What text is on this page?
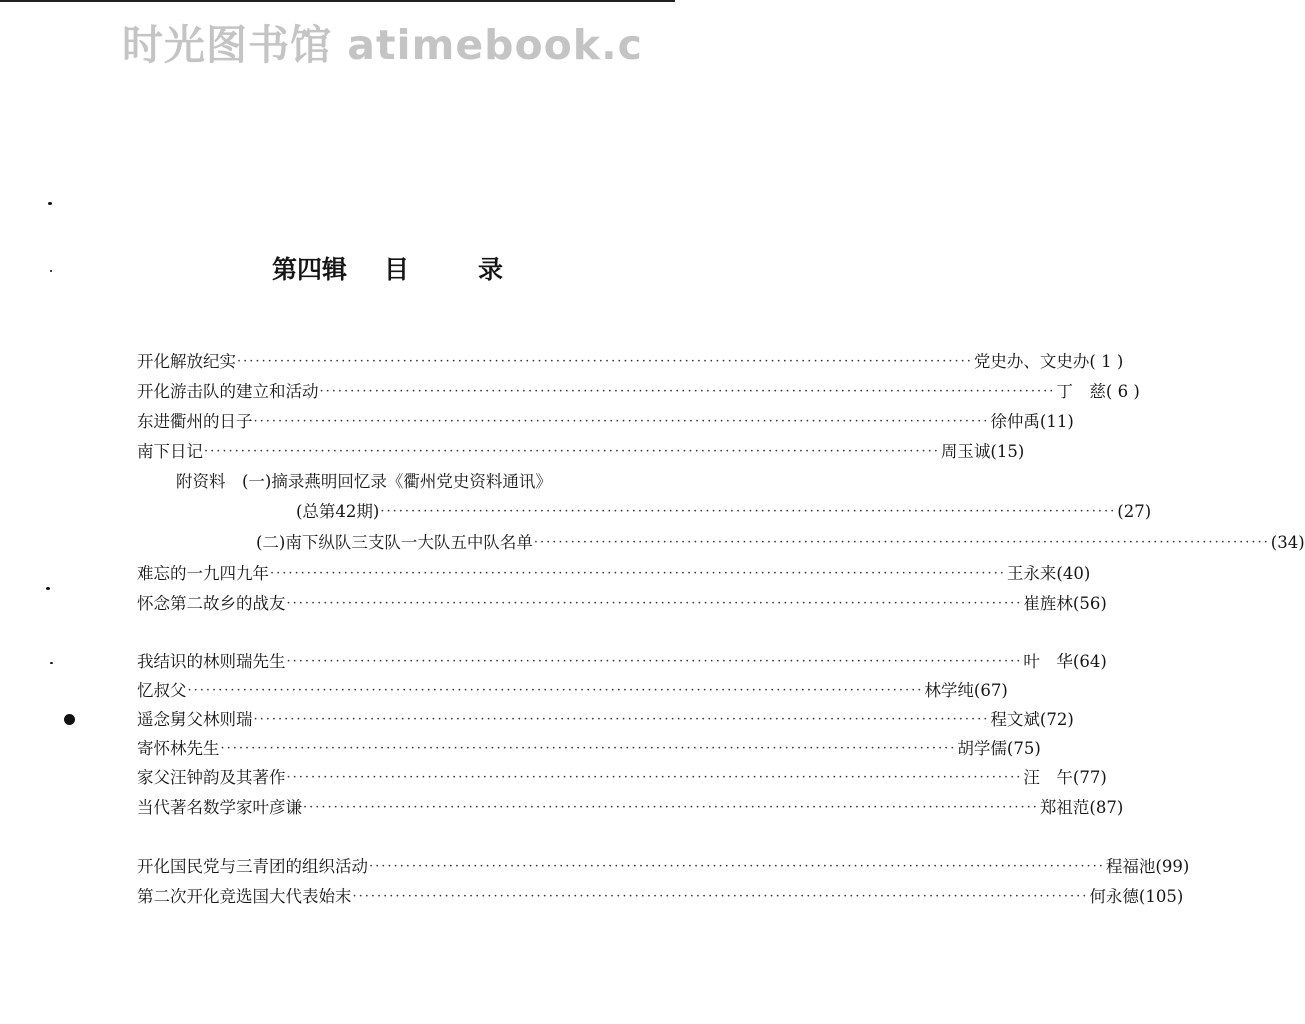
时光图书馆 atimebook.c
第四辑 目	录
开化解放纪实 ························································································································ 党史办、文史办 ( 1 )
开化游击队的建立和活动 ························································································································ 丁　慈 ( 6 )
东进衢州的日子 ························································································································ 徐仲禹 (11)
南下日记 ························································································································ 周玉诚 (15)
附资料　(一)摘录燕明回忆录《衢州党史资料通讯》
(总第42期) ························································································································ (27)
(二)南下纵队三支队一大队五中队名单 ························································································································ (34)
难忘的一九四九年 ························································································································ 王永来 (40)
怀念第二故乡的战友 ························································································································ 崔旌林 (56)
我结识的林则瑞先生 ························································································································ 叶　华 (64)
忆叔父 ························································································································ 林学纯 (67)
遥念舅父林则瑞 ························································································································ 程文斌 (72)
寄怀林先生 ························································································································ 胡学儒 (75)
家父汪钟韵及其著作 ························································································································ 汪　午 (77)
当代著名数学家叶彦谦 ························································································································ 郑祖范 (87)
开化国民党与三青团的组织活动 ························································································································ 程福池 (99)
第二次开化竞选国大代表始末 ························································································································ 何永德 (105)
